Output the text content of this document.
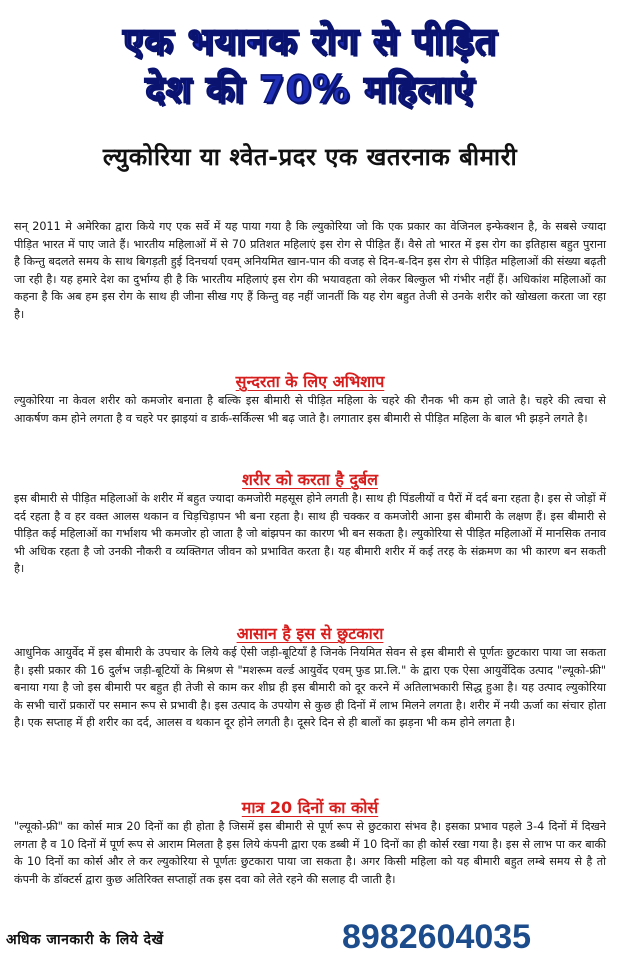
एक भयानक रोग से पीड़ित
देश की 70% महिलाएं
ल्युकोरिया या श्वेत-प्रदर एक खतरनाक बीमारी

सन् 2011 मे अमेरिका द्वारा किये गए एक सर्वे में यह पाया गया है कि ल्युकोरिया जो कि एक प्रकार का वेजिनल इन्फेक्शन है, के सबसे ज्यादा पीड़ित भारत में पाए जाते हैं। भारतीय महिलाओं में से 70 प्रतिशत महिलाएं इस रोग से पीड़ित हैं। वैसे तो भारत में इस रोग का इतिहास बहुत पुराना है किन्तु बदलते समय के साथ बिगड़ती हुई दिनचर्या एवम् अनियमित खान-पान की वजह से दिन-ब-दिन इस रोग से पीड़ित महिलाओं की संख्या बढ़ती जा रही है। यह हमारे देश का दुर्भाग्य ही है कि भारतीय महिलाएं इस रोग की भयावहता को लेकर बिल्कुल भी गंभीर नहीं हैं। अधिकांश महिलाओं का कहना है कि अब हम इस रोग के साथ ही जीना सीख गए हैं किन्तु वह नहीं जानतीं कि यह रोग बहुत तेजी से उनके शरीर को खोखला करता जा रहा है।

सुन्दरता के लिए अभिशाप

ल्युकोरिया ना केवल शरीर को कमजोर बनाता है बल्कि इस बीमारी से पीड़ित महिला के चहरे की रौनक भी कम हो जाते है। चहरे की त्वचा से आकर्षण कम होने लगता है व चहरे पर झाइयां व डार्क-सर्किल्स भी बढ़ जाते है। लगातार इस बीमारी से पीड़ित महिला के बाल भी झड़ने लगते है।

शरीर को करता है दुर्बल

इस बीमारी से पीड़ित महिलाओं के शरीर में बहुत ज्यादा कमजोरी महसूस होने लगती है। साथ ही पिंडलीयों व पैरों में दर्द बना रहता है। इस से जोड़ों में दर्द रहता है व हर वक्त आलस थकान व चिड़चिड़ापन भी बना रहता है। साथ ही चक्कर व कमजोरी आना इस बीमारी के लक्षण हैं। इस बीमारी से पीड़ित कई महिलाओं का गर्भाशय भी कमजोर हो जाता है जो बांझपन का कारण भी बन सकता है। ल्युकोरिया से पीड़ित महिलाओं में मानसिक तनाव भी अधिक रहता है जो उनकी नौकरी व व्यक्तिगत जीवन को प्रभावित करता है। यह बीमारी शरीर में कई तरह के संक्रमण का भी कारण बन सकती है।

आसान है इस से छुटकारा

आधुनिक आयुर्वेद में इस बीमारी के उपचार के लिये कई ऐसी जड़ी-बूटियाँ है जिनके नियमित सेवन से इस बीमारी से पूर्णतः छुटकारा पाया जा सकता है। इसी प्रकार की 16 दुर्लभ जड़ी-बूटियों के मिश्रण से "मशरूम वर्ल्ड आयुर्वेद एवम् फुड प्रा.लि." के द्वारा एक ऐसा आयुर्वेदिक उत्पाद "ल्यूको-फ्री" बनाया गया है जो इस बीमारी पर बहुत ही तेजी से काम कर शीघ्र ही इस बीमारी को दूर करने में अतिलाभकारी सिद्ध हुआ है। यह उत्पाद ल्युकोरिया के सभी चारों प्रकारों पर समान रूप से प्रभावी है। इस उत्पाद के उपयोग से कुछ ही दिनों में लाभ मिलने लगता है। शरीर में नयी ऊर्जा का संचार होता है। एक सप्ताह में ही शरीर का दर्द, आलस व थकान दूर होने लगती है। दूसरे दिन से ही बालों का झड़ना भी कम होने लगता है।

मात्र 20 दिनों का कोर्स

"ल्यूको-फ्री" का कोर्स मात्र 20 दिनों का ही होता है जिसमें इस बीमारी से पूर्ण रूप से छुटकारा संभव है। इसका प्रभाव पहले 3-4 दिनों में दिखने लगता है व 10 दिनों में पूर्ण रूप से आराम मिलता है इस लिये कंपनी द्वारा एक डब्बी में 10 दिनों का ही कोर्स रखा गया है। इस से लाभ पा कर बाकी के 10 दिनों का कोर्स और ले कर ल्युकोरिया से पूर्णतः छुटकारा पाया जा सकता है। अगर किसी महिला को यह बीमारी बहुत लम्बे समय से है तो कंपनी के डॉक्टर्स द्वारा कुछ अतिरिक्त सप्ताहों तक इस दवा को लेते रहने की सलाह दी जाती है।

अधिक जानकारी के लिये देखें	8982604035
